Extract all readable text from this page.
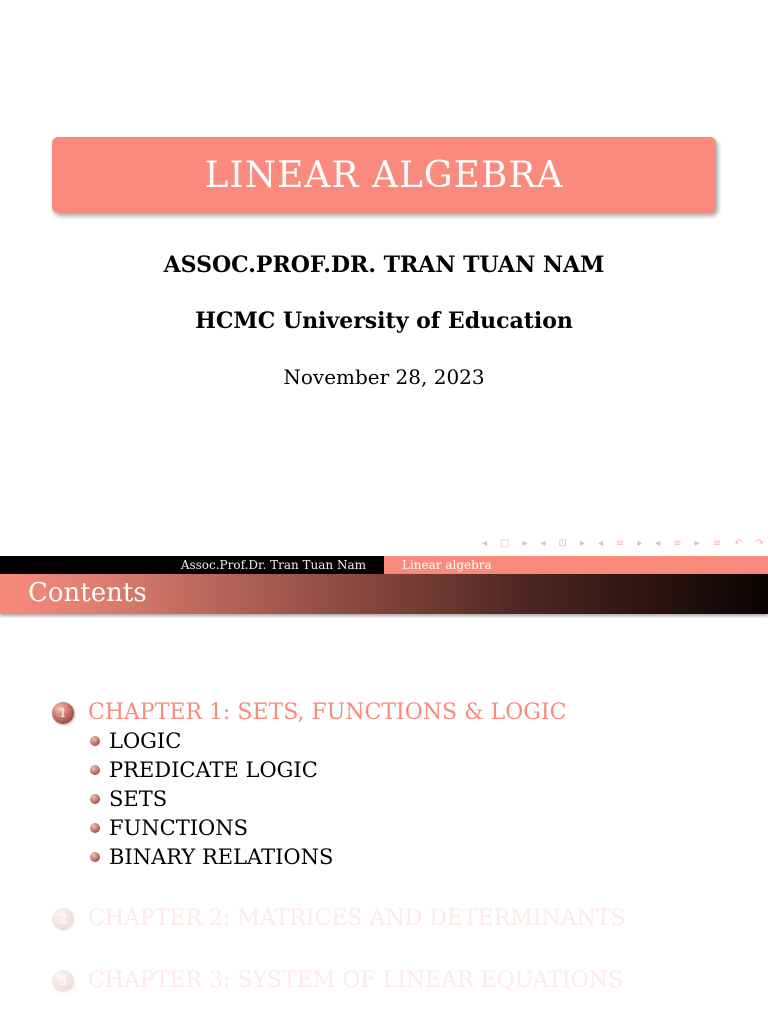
LINEAR ALGEBRA
ASSOC.PROF.DR. TRAN TUAN NAM
HCMC University of Education
November 28, 2023
◂ □ ▸ ◂ ⊡ ▸ ◂ ≡ ▸ ◂ ≡ ▸ ≡ ↶ ↷
Assoc.Prof.Dr. Tran Tuan Nam	Linear algebra
Contents
1 CHAPTER 1: SETS, FUNCTIONS & LOGIC
LOGIC
PREDICATE LOGIC
SETS
FUNCTIONS
BINARY RELATIONS
2 CHAPTER 2: MATRICES AND DETERMINANTS
3 CHAPTER 3: SYSTEM OF LINEAR EQUATIONS
